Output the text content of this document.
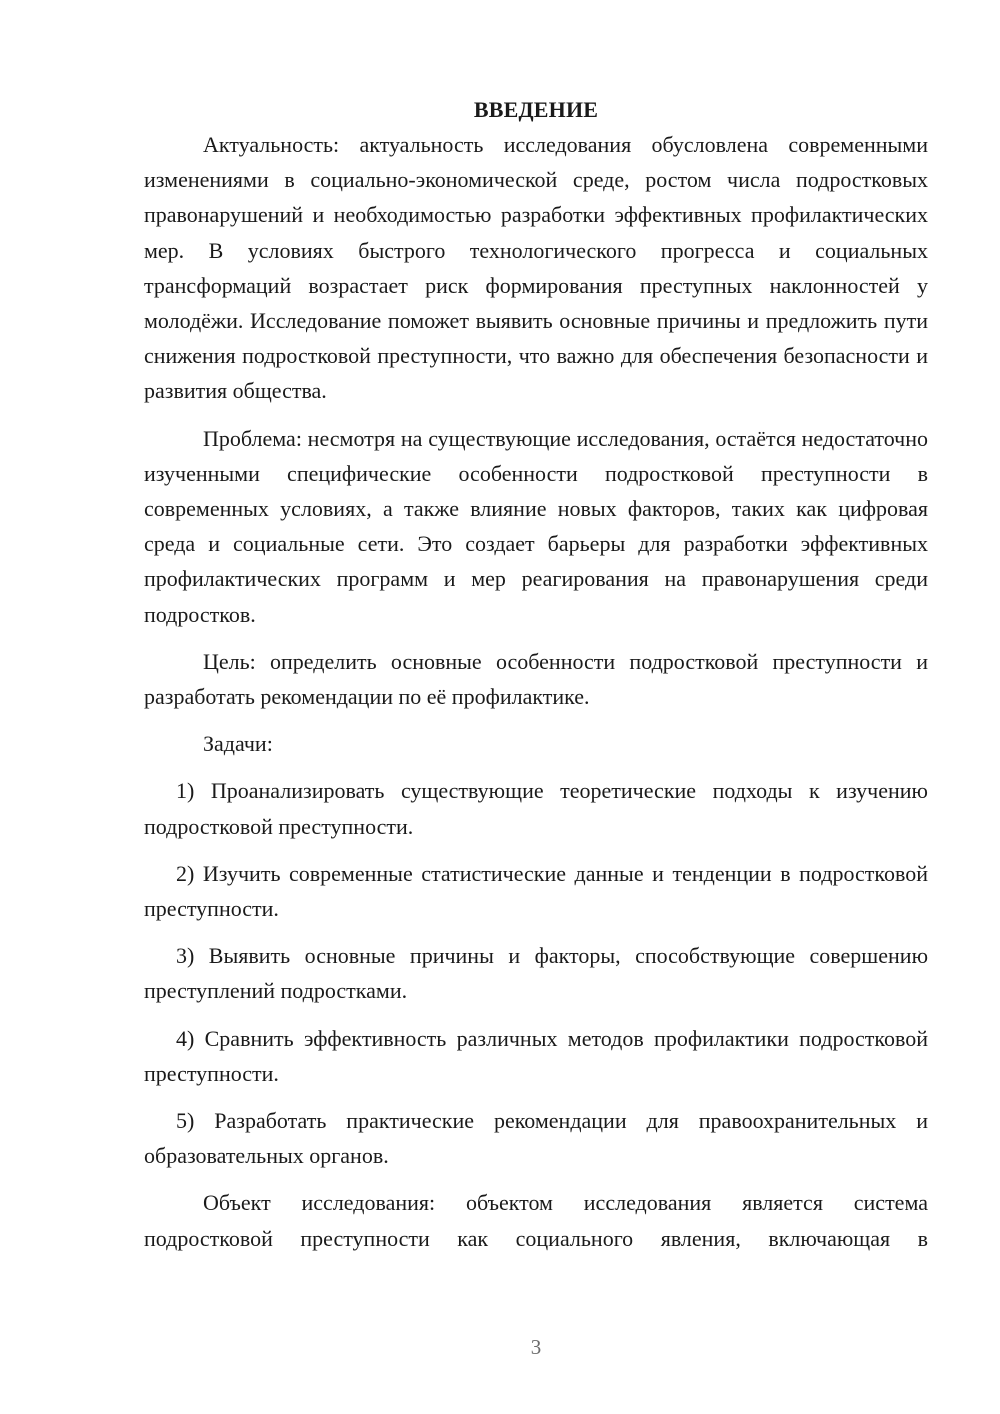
ВВЕДЕНИЕ

Актуальность: актуальность исследования обусловлена современными изменениями в социально-экономической среде, ростом числа подростковых правонарушений и необходимостью разработки эффективных профилактических мер. В условиях быстрого технологического прогресса и социальных трансформаций возрастает риск формирования преступных наклонностей у молодёжи. Исследование поможет выявить основные причины и предложить пути снижения подростковой преступности, что важно для обеспечения безопасности и развития общества.

Проблема: несмотря на существующие исследования, остаётся недостаточно изученными специфические особенности подростковой преступности в современных условиях, а также влияние новых факторов, таких как цифровая среда и социальные сети. Это создает барьеры для разработки эффективных профилактических программ и мер реагирования на правонарушения среди подростков.

Цель: определить основные особенности подростковой преступности и разработать рекомендации по её профилактике.

Задачи:

1) Проанализировать существующие теоретические подходы к изучению подростковой преступности.

2) Изучить современные статистические данные и тенденции в подростковой преступности.

3) Выявить основные причины и факторы, способствующие совершению преступлений подростками.

4) Сравнить эффективность различных методов профилактики подростковой преступности.

5) Разработать практические рекомендации для правоохранительных и образовательных органов.

Объект исследования: объектом исследования является система подростковой преступности как социального явления, включающая в

3
